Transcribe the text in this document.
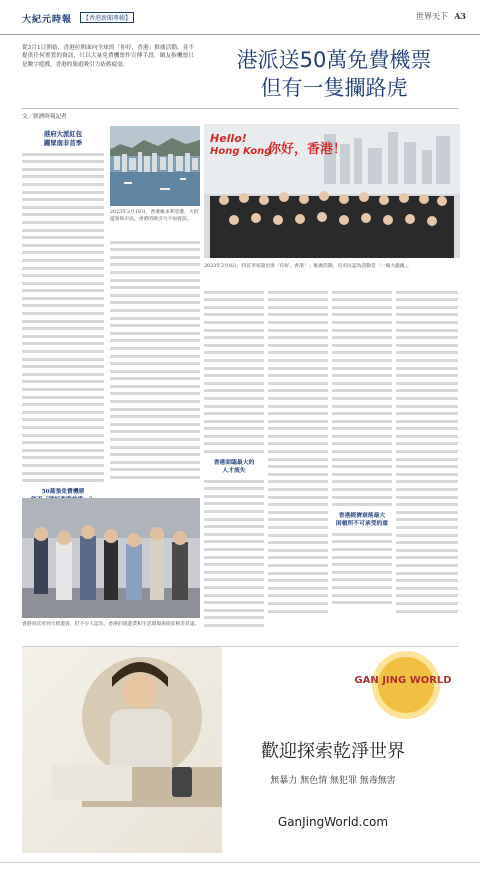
大紀元時報	【香港新聞專輯】	世界天下 A3
從3月1日開始，香港拉開面向全球的「你好，香港」推廣活動，並不提供任何實質的資訊，只以大量免費機票作宣傳手段。網友指機票只是數字遊戲，香港的旅遊吸引力依舊疲弱。	港派送50萬免費機票
但有一隻攔路虎
文／經濟時報記者
港府大派紅包
躍眾南非首季
50萬張免費機票
2023年2月18日，香港維多利亞港，大批遊客和市民，香港的吸引力不如從前。
Hello!
Hong Kong
你好，香港！
2023年2月8日，特首李家超出席「你好，香港！」推廣活動，有市民認為活動是「一場大龍鳳」。
香港面臨最大的
人才流失
香港經濟衰落最大
困頓所不可承受的重
香港再次看到大批遊客，但不少人認為，香港的旅遊業和生活環境與從前相差甚遠。
GAN JING WORLD
歡迎探索乾淨世界
無暴力 無色情 無犯罪 無毒無害
GanJingWorld.com
